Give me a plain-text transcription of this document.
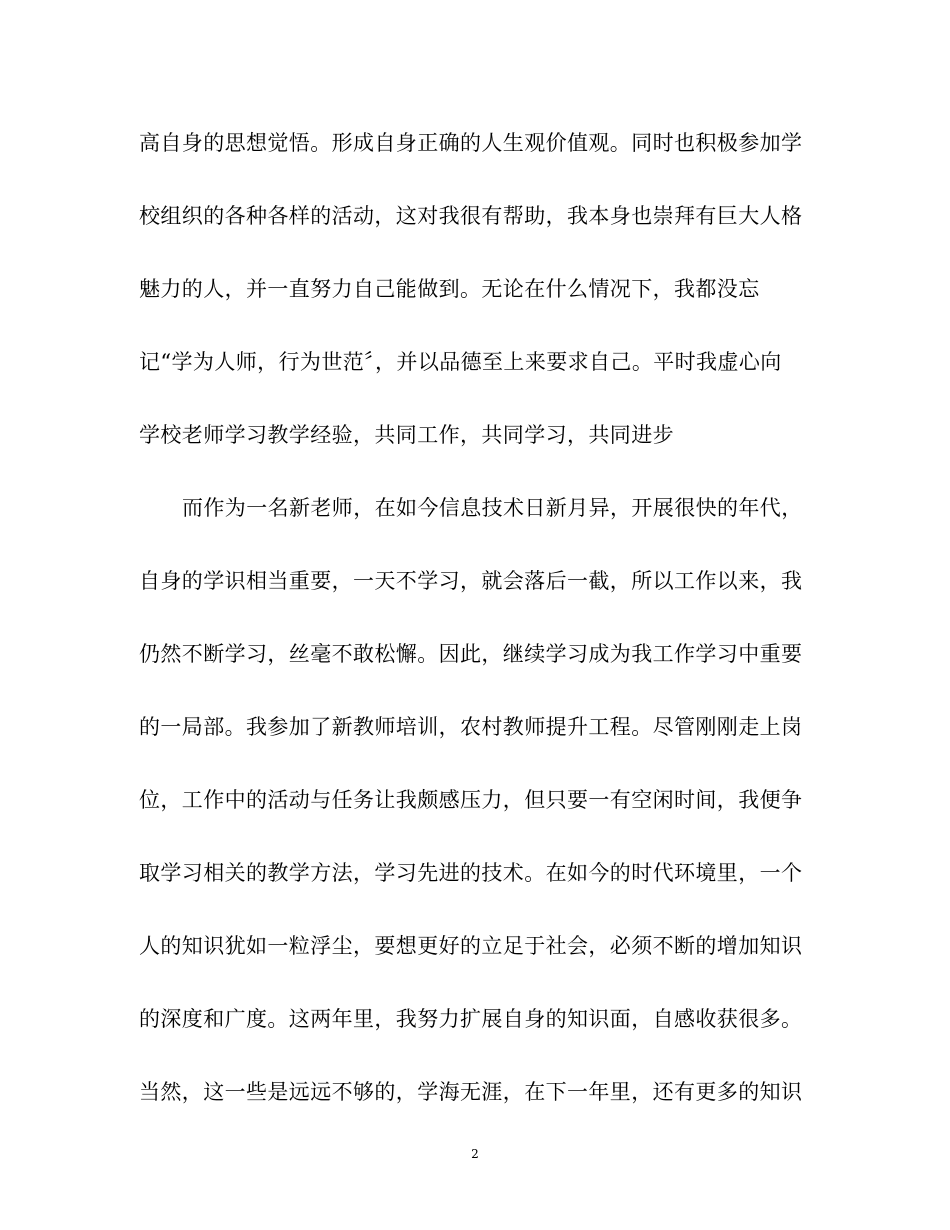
高自身的思想觉悟。形成自身正确的人生观价值观。同时也积极参加学
校组织的各种各样的活动，这对我很有帮助，我本身也崇拜有巨大人格
魅力的人，并一直努力自己能做到。无论在什么情况下，我都没忘
记“学为人师，行为世范〞，并以品德至上来要求自己。平时我虚心向
学校老师学习教学经验，共同工作，共同学习，共同进步
而作为一名新老师，在如今信息技术日新月异，开展很快的年代，
自身的学识相当重要，一天不学习，就会落后一截，所以工作以来，我
仍然不断学习，丝毫不敢松懈。因此，继续学习成为我工作学习中重要
的一局部。我参加了新教师培训，农村教师提升工程。尽管刚刚走上岗
位，工作中的活动与任务让我颇感压力，但只要一有空闲时间，我便争
取学习相关的教学方法，学习先进的技术。在如今的时代环境里，一个
人的知识犹如一粒浮尘，要想更好的立足于社会，必须不断的增加知识
的深度和广度。这两年里，我努力扩展自身的知识面，自感收获很多。
当然，这一些是远远不够的，学海无涯，在下一年里，还有更多的知识
2
